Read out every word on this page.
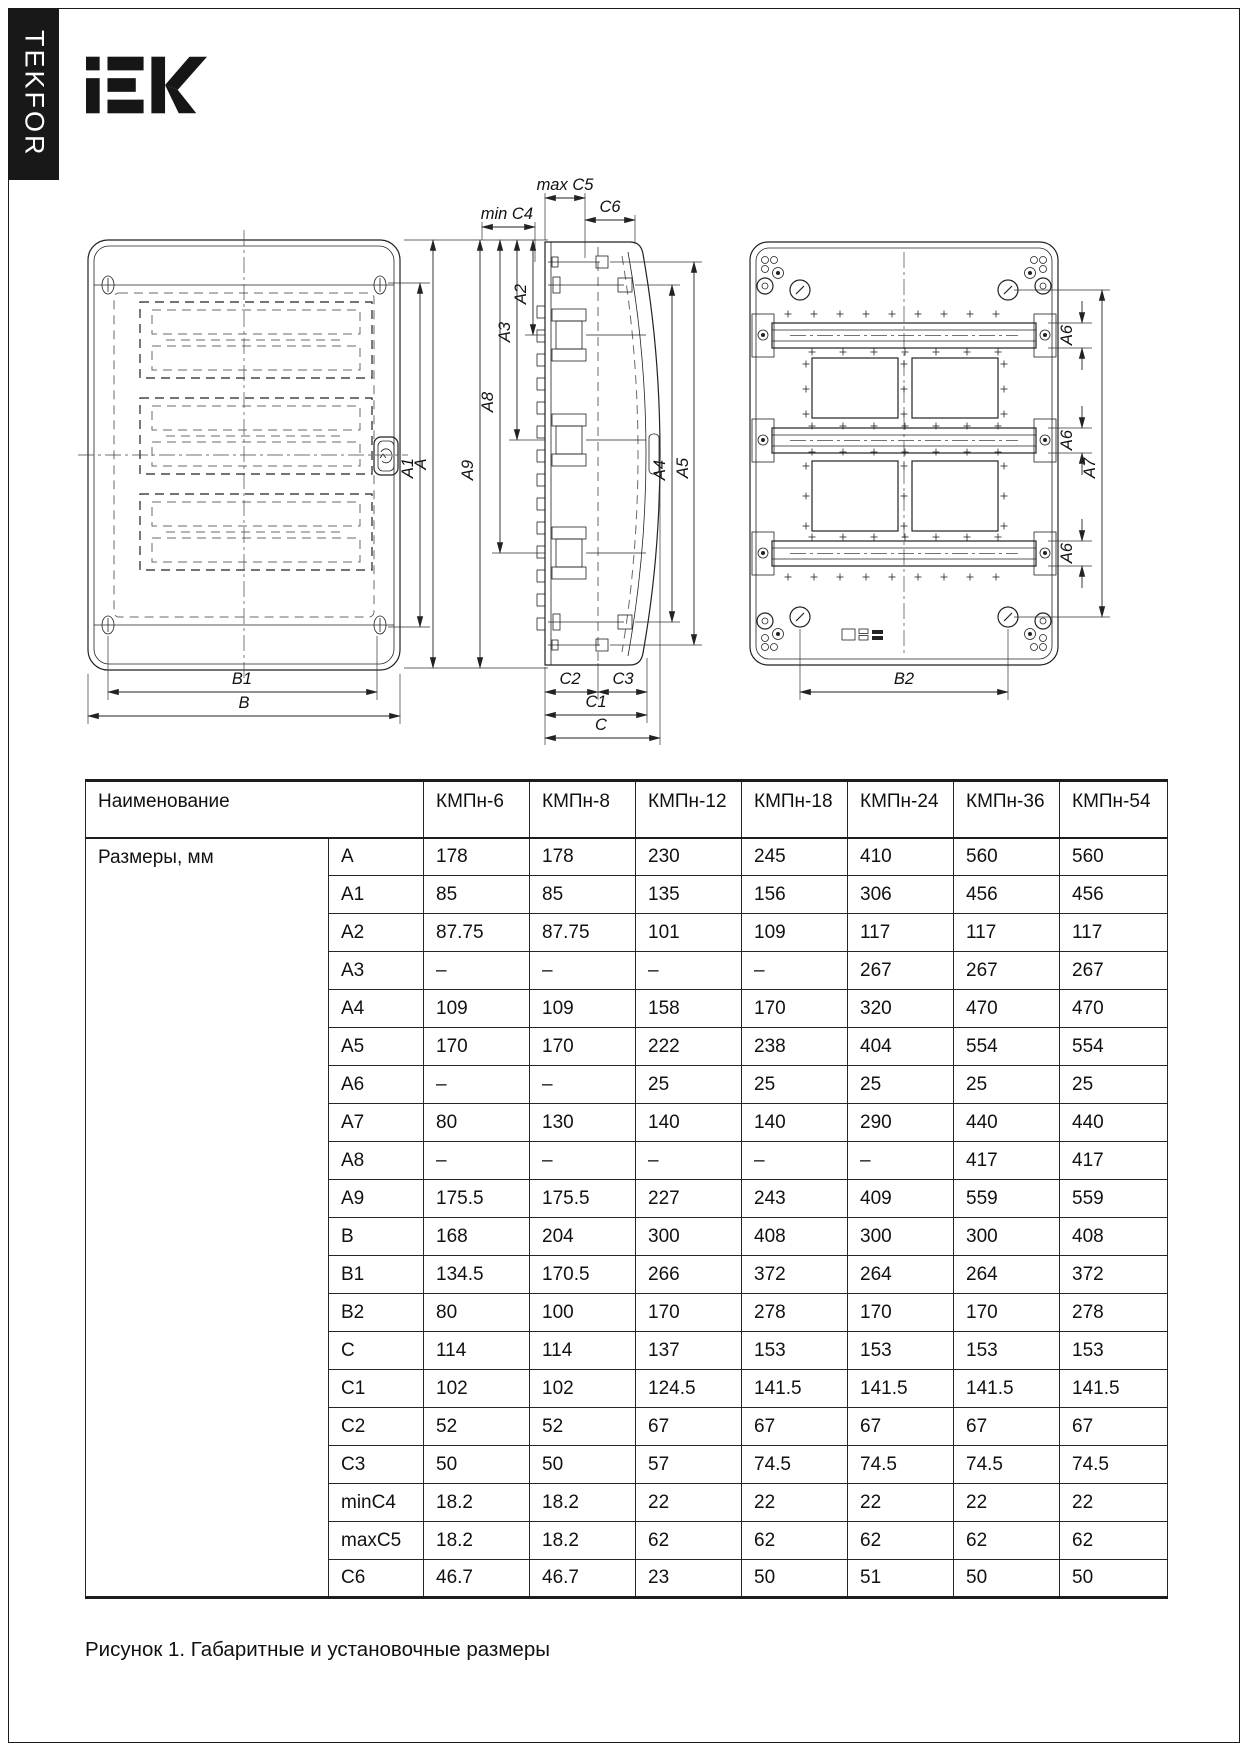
TEKFOR
A1
A
B1
B
min C4
max C5
C6
A2
A3
A8
A9	A4 A5
C2 C3
C1
C
A6
A6
A6
A7
B2
Наименование		КМПн-6	КМПн-8	КМПн-12	КМПн-18	КМПн-24	КМПн-36	КМПн-54
Размеры, мм	A	178	178	230	245	410	560	560
	A1	85	85	135	156	306	456	456
	A2	87.75	87.75	101	109	117	117	117
	A3	–	–	–	–	267	267	267
	A4	109	109	158	170	320	470	470
	A5	170	170	222	238	404	554	554
	A6	–	–	25	25	25	25	25
	A7	80	130	140	140	290	440	440
	A8	–	–	–	–	–	417	417
	A9	175.5	175.5	227	243	409	559	559
	B	168	204	300	408	300	300	408
	B1	134.5	170.5	266	372	264	264	372
	B2	80	100	170	278	170	170	278
	C	114	114	137	153	153	153	153
	C1	102	102	124.5	141.5	141.5	141.5	141.5
	C2	52	52	67	67	67	67	67
	C3	50	50	57	74.5	74.5	74.5	74.5
	minC4	18.2	18.2	22	22	22	22	22
	maxC5	18.2	18.2	62	62	62	62	62
	C6	46.7	46.7	23	50	51	50	50
Рисунок 1. Габаритные и установочные размеры
